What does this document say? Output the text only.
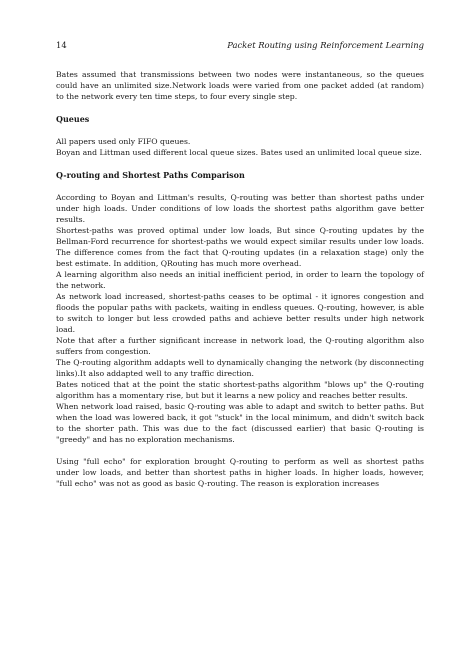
14	Packet Routing using Reinforcement Learning

Bates assumed that transmissions between two nodes were instantaneous, so the queues could have an unlimited size.Network loads were varied from one packet added (at random) to the network every ten time steps, to four every single step.

Queues

All papers used only FIFO queues.

Boyan and Littman used different local queue sizes. Bates used an unlimited local queue size.

Q-routing and Shortest Paths Comparison

According to Boyan and Littman's results, Q-routing was better than shortest paths under under high loads. Under conditions of low loads the shortest paths algorithm gave better results.

Shortest-paths was proved optimal under low loads, But since Q-routing updates by the Bellman-Ford recurrence for shortest-paths we would expect similar results under low loads. The difference comes from the fact that Q-routing updates (in a relaxation stage) only the best estimate. In addition, QRouting has much more overhead.

A learning algorithm also needs an initial inefficient period, in order to learn the topology of the network.

As network load increased, shortest-paths ceases to be optimal - it ignores congestion and floods the popular paths with packets, waiting in endless queues. Q-routing, however, is able to switch to longer but less crowded paths and achieve better results under high network load.

Note that after a further significant increase in network load, the Q-routing algorithm also suffers from congestion.

The Q-routing algorithm addapts well to dynamically changing the network (by disconnecting links).It also addapted well to any traffic direction.

Bates noticed that at the point the static shortest-paths algorithm "blows up" the Q-routing algorithm has a momentary rise, but but it learns a new policy and reaches better results.

When network load raised, basic Q-routing was able to adapt and switch to better paths. But when the load was lowered back, it got "stuck" in the local minimum, and didn't switch back to the shorter path. This was due to the fact (discussed earlier) that basic Q-routing is "greedy" and has no exploration mechanisms.

Using "full echo" for exploration brought Q-routing to perform as well as shortest paths under low loads, and better than shortest paths in higher loads. In higher loads, however, "full echo" was not as good as basic Q-routing. The reason is exploration increases
